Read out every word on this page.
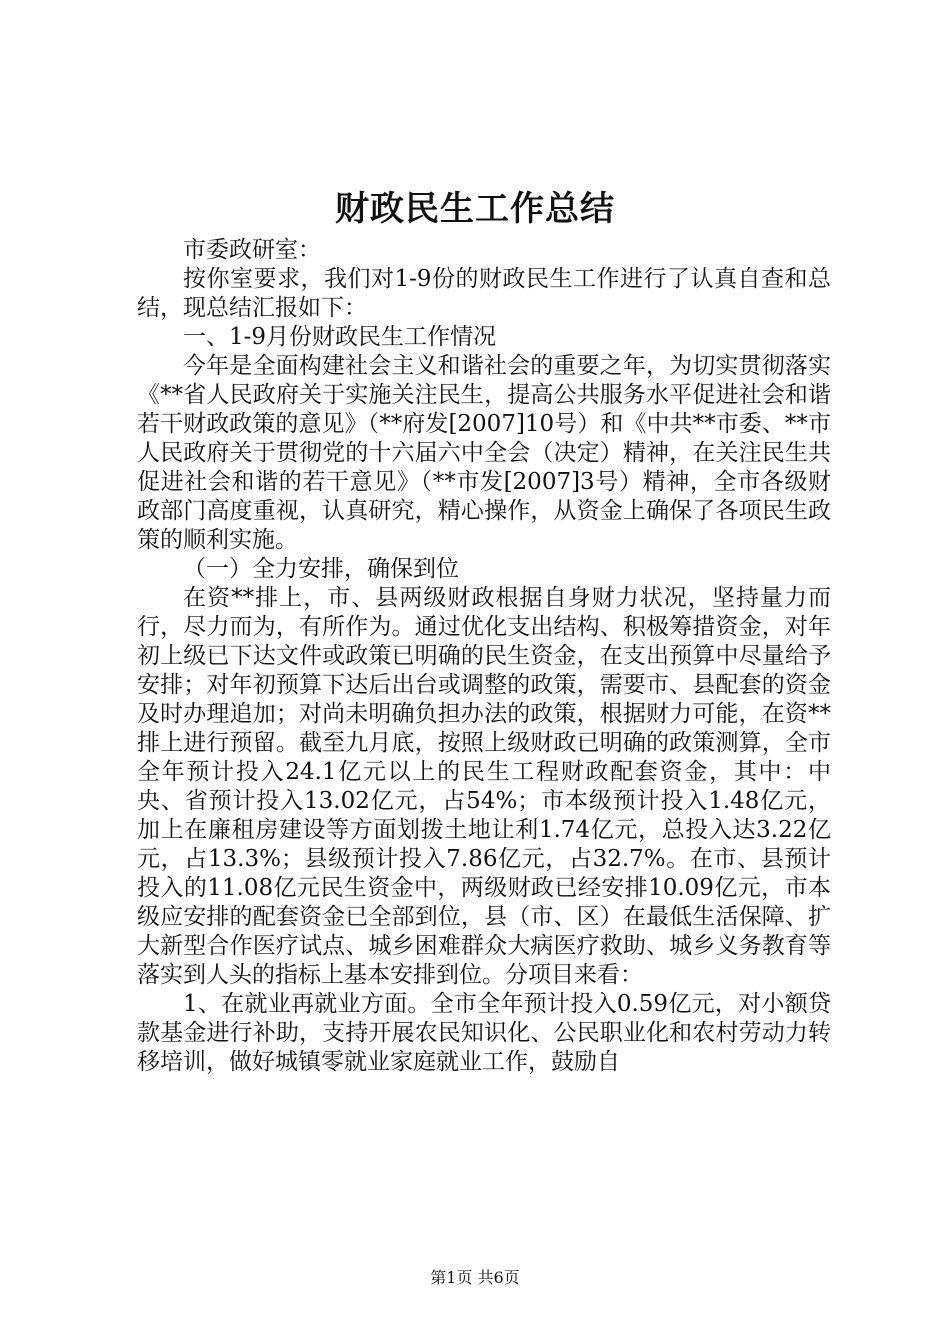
财政民生工作总结

市委政研室：

按你室要求，我们对1-9份的财政民生工作进行了认真自查和总结，现总结汇报如下：

一、1-9月份财政民生工作情况

今年是全面构建社会主义和谐社会的重要之年，为切实贯彻落实《**省人民政府关于实施关注民生，提高公共服务水平促进社会和谐若干财政政策的意见》（**府发[2007]10号）和《中共**市委、**市人民政府关于贯彻党的十六届六中全会（决定）精神，在关注民生共促进社会和谐的若干意见》（**市发[2007]3号）精神，全市各级财政部门高度重视，认真研究，精心操作，从资金上确保了各项民生政策的顺利实施。

（一）全力安排，确保到位

在资**排上，市、县两级财政根据自身财力状况，坚持量力而行，尽力而为，有所作为。通过优化支出结构、积极筹措资金，对年初上级已下达文件或政策已明确的民生资金，在支出预算中尽量给予安排；对年初预算下达后出台或调整的政策，需要市、县配套的资金及时办理追加；对尚未明确负担办法的政策，根据财力可能，在资**排上进行预留。截至九月底，按照上级财政已明确的政策测算，全市全年预计投入24.1亿元以上的民生工程财政配套资金，其中：中央、省预计投入13.02亿元，占54%；市本级预计投入1.48亿元，加上在廉租房建设等方面划拨土地让利1.74亿元，总投入达3.22亿元，占13.3%；县级预计投入7.86亿元，占32.7%。在市、县预计投入的11.08亿元民生资金中，两级财政已经安排10.09亿元，市本级应安排的配套资金已全部到位，县（市、区）在最低生活保障、扩大新型合作医疗试点、城乡困难群众大病医疗救助、城乡义务教育等落实到人头的指标上基本安排到位。分项目来看：

1、在就业再就业方面。全市全年预计投入0.59亿元，对小额贷款基金进行补助，支持开展农民知识化、公民职业化和农村劳动力转移培训，做好城镇零就业家庭就业工作，鼓励自

第1页 共6页
